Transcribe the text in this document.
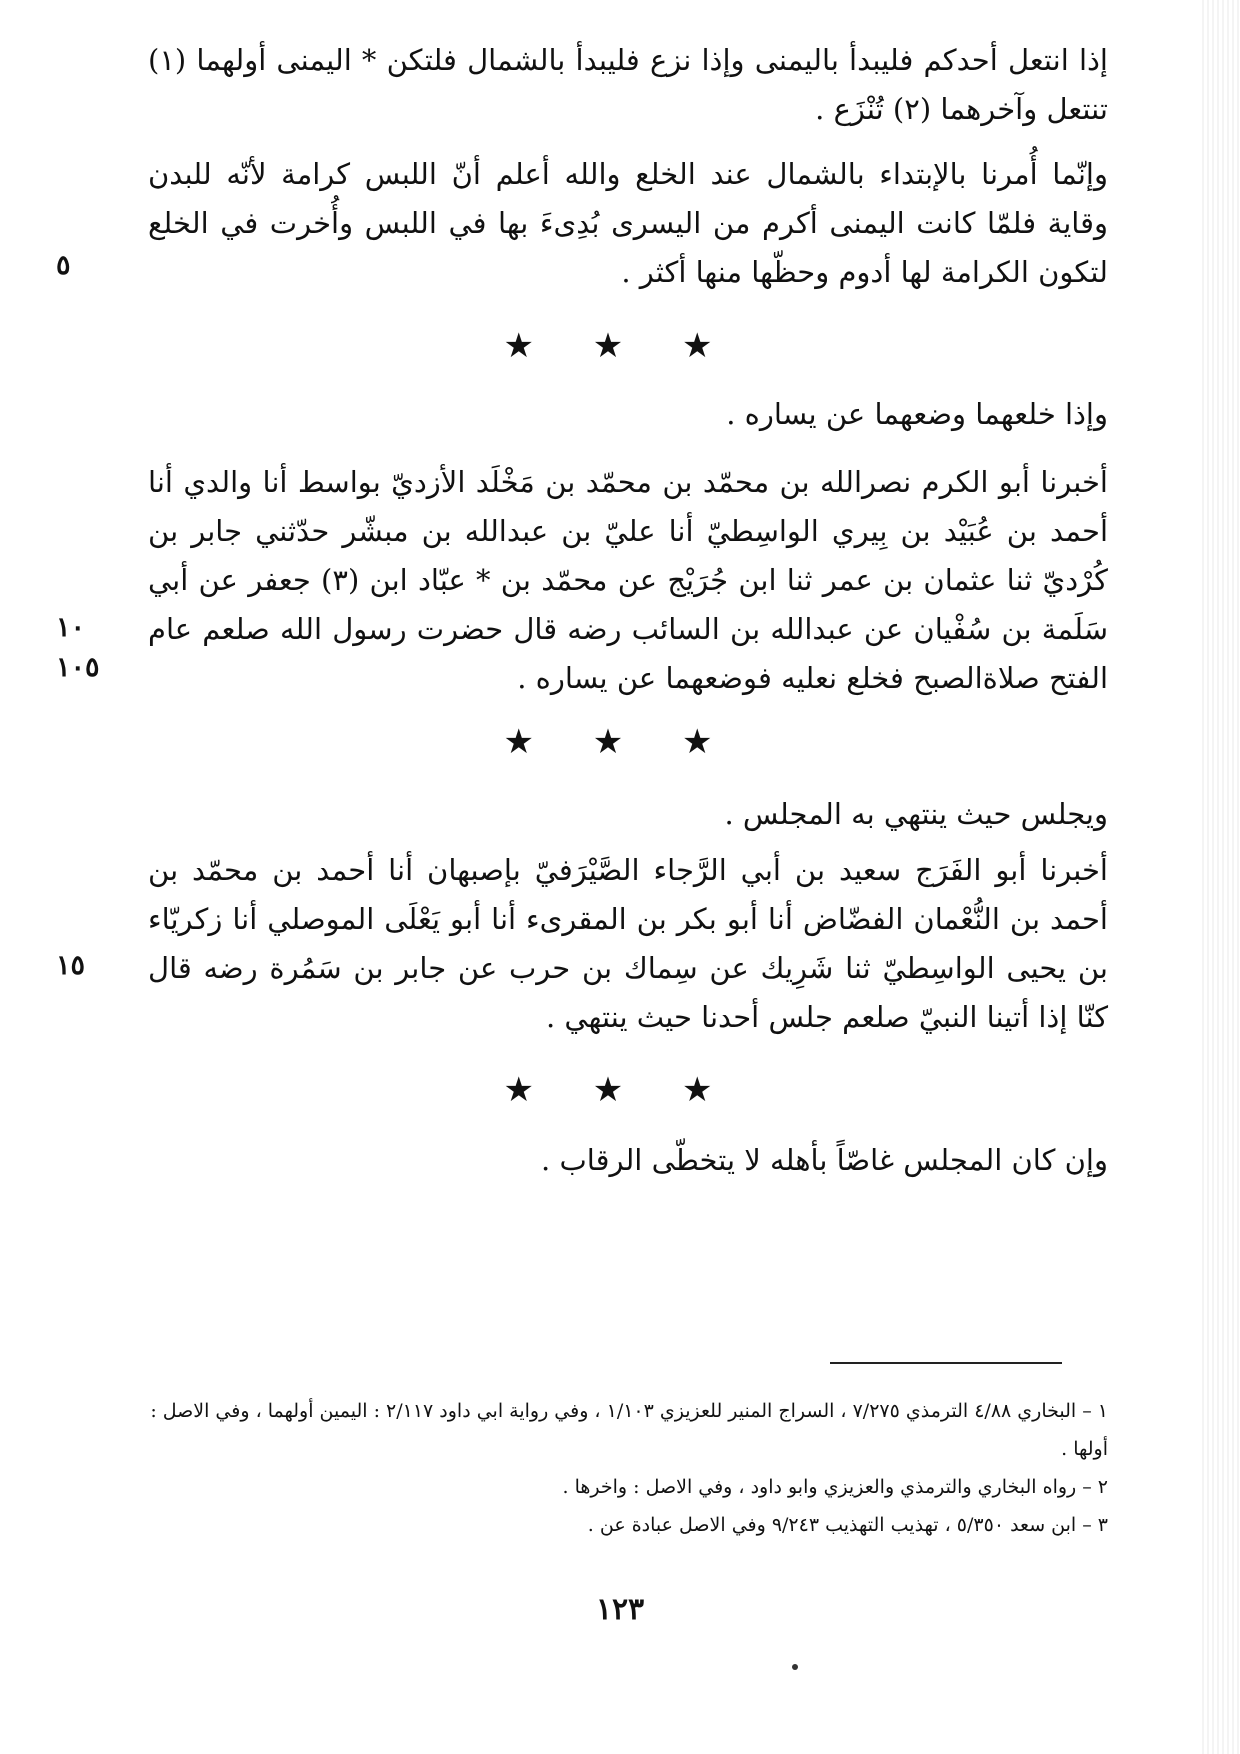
إذا انتعل أحدكم فليبدأ باليمنى وإذا نزع فليبدأ بالشمال فلتكن * اليمنى أولهما (١) تنتعل وآخرهما (٢) تُنْزَع .

وإنّما أُمرنا بالإبتداء بالشمال عند الخلع والله أعلم أنّ اللبس كرامة لأنّه للبدن وقاية فلمّا كانت اليمنى أكرم من اليسرى بُدِىءَ بها في اللبس وأُخرت في الخلع لتكون الكرامة لها أدوم وحظّها منها أكثر .

٥
★ ★ ★

وإذا خلعهما وضعهما عن يساره .

أخبرنا أبو الكرم نصرالله بن محمّد بن محمّد بن مَخْلَد الأزديّ بواسط أنا والدي أنا أحمد بن عُبَيْد بن بِيري الواسِطيّ أنا عليّ بن عبدالله بن مبشّر حدّثني جابر بن كُرْديّ ثنا عثمان بن عمر ثنا ابن جُرَيْج عن محمّد بن * عبّاد ابن (٣) جعفر عن أبي سَلَمة بن سُفْيان عن عبدالله بن السائب رضه قال حضرت رسول الله صلعم عام الفتح صلاةالصبح فخلع نعليه فوضعهما عن يساره .

١٠
١٠٥
★ ★ ★

ويجلس حيث ينتهي به المجلس .

أخبرنا أبو الفَرَج سعيد بن أبي الرَّجاء الصَّيْرَفيّ بإصبهان أنا أحمد بن محمّد بن أحمد بن النُّعْمان الفضّاض أنا أبو بكر بن المقرىء أنا أبو يَعْلَى الموصلي أنا زكريّاء بن يحيى الواسِطيّ ثنا شَرِيك عن سِماك بن حرب عن جابر بن سَمُرة رضه قال كنّا إذا أتينا النبيّ صلعم جلس أحدنا حيث ينتهي .

١٥
★ ★ ★

وإن كان المجلس غاصّاً بأهله لا يتخطّى الرقاب .

١ – البخاري ٤/٨٨ الترمذي ٧/٢٧٥ ، السراج المنير للعزيزي ١/١٠٣ ، وفي رواية ابي داود ٢/١١٧ : اليمين أولهما ، وفي الاصل : أولها .

٢ – رواه البخاري والترمذي والعزيزي وابو داود ، وفي الاصل : واخرها .

٣ – ابن سعد ٥/٣٥٠ ، تهذيب التهذيب ٩/٢٤٣ وفي الاصل عبادة عن .

١٢٣
